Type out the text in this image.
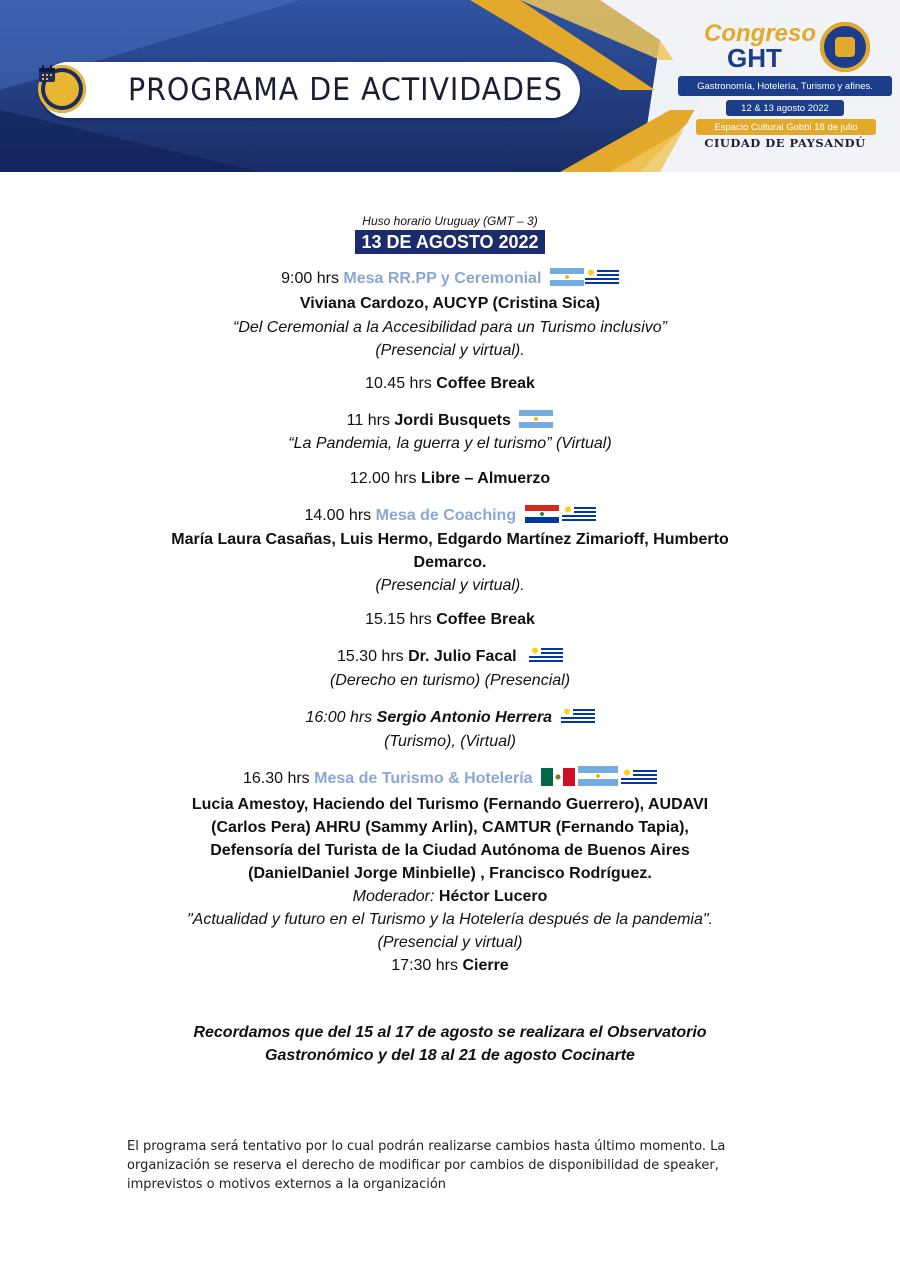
PROGRAMA DE ACTIVIDADES
Congreso
GHT
Gastronomía, Hotelería, Turismo y afines.
12 & 13 agosto 2022
Espacio Cultural Gobbi 18 de julio
CIUDAD DE PAYSANDÚ
Huso horario Uruguay (GMT – 3)
13 DE AGOSTO 2022
9:00 hrs Mesa RR.PP y Ceremonial
Viviana Cardozo, AUCYP (Cristina Sica)
“Del Ceremonial a la Accesibilidad para un Turismo inclusivo”
(Presencial y virtual).
10.45 hrs Coffee Break
11 hrs Jordi Busquets
“La Pandemia, la guerra y el turismo” (Virtual)
12.00 hrs Libre – Almuerzo
14.00 hrs Mesa de Coaching
María Laura Casañas, Luis Hermo, Edgardo Martínez Zimarioff, Humberto
Demarco.
(Presencial y virtual).
15.15 hrs Coffee Break
15.30 hrs Dr. Julio Facal
(Derecho en turismo) (Presencial)
16:00 hrs Sergio Antonio Herrera
(Turismo), (Virtual)
16.30 hrs Mesa de Turismo & Hotelería
Lucia Amestoy, Haciendo del Turismo (Fernando Guerrero), AUDAVI
(Carlos Pera) AHRU (Sammy Arlin), CAMTUR (Fernando Tapia),
Defensoría del Turista de la Ciudad Autónoma de Buenos Aires
(DanielDaniel Jorge Minbielle) , Francisco Rodríguez.
Moderador: Héctor Lucero
"Actualidad y futuro en el Turismo y la Hotelería después de la pandemia".
(Presencial y virtual)
17:30 hrs Cierre
Recordamos que del 15 al 17 de agosto se realizara el Observatorio
Gastronómico y del 18 al 21 de agosto Cocinarte
El programa será tentativo por lo cual podrán realizarse cambios hasta último momento. La
organización se reserva el derecho de modificar por cambios de disponibilidad de speaker,
imprevistos o motivos externos a la organización
